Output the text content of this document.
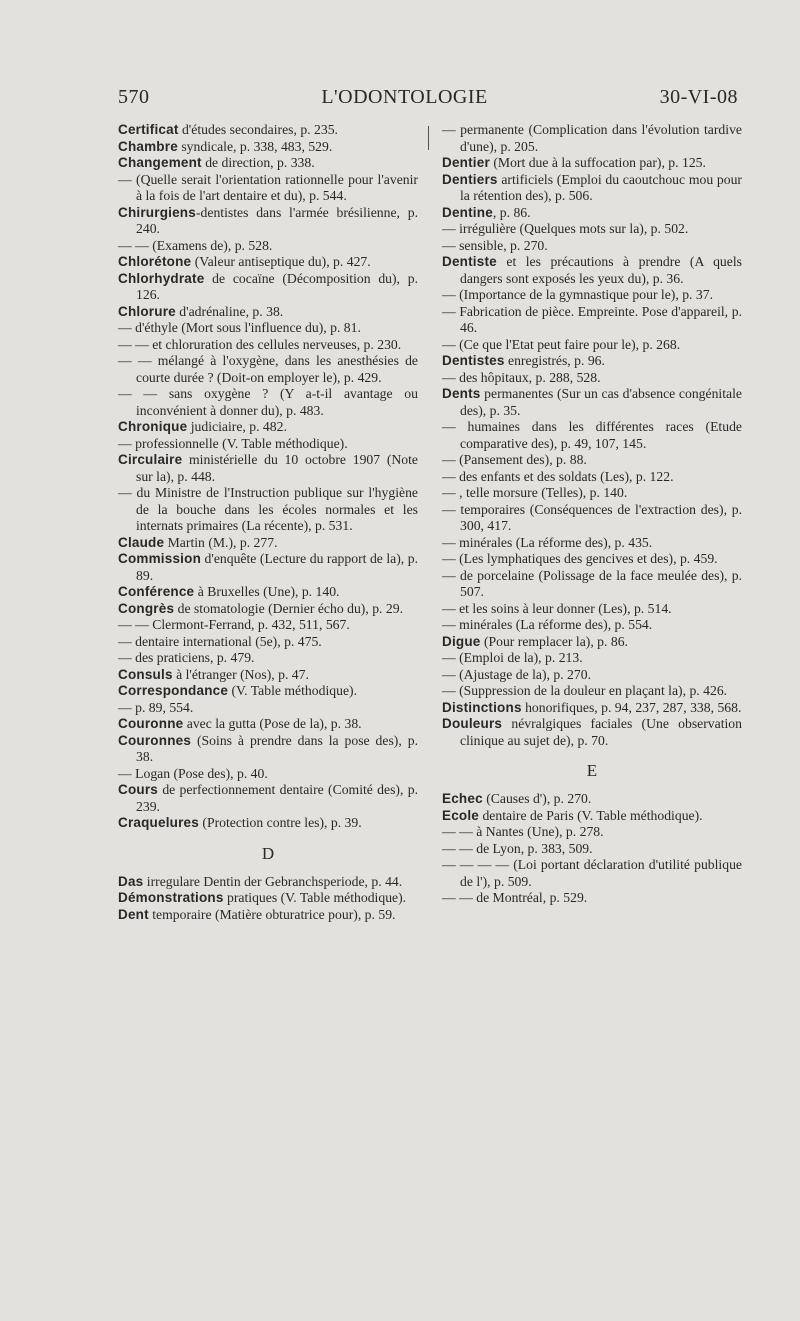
570	L'ODONTOLOGIE	30-VI-08

Certificat d'études secondaires, p. 235.

Chambre syndicale, p. 338, 483, 529.

Changement de direction, p. 338.

— (Quelle serait l'orientation rationnelle pour l'avenir à la fois de l'art dentaire et du), p. 544.

Chirurgiens-dentistes dans l'armée brésilienne, p. 240.

— — (Examens de), p. 528.

Chlorétone (Valeur antiseptique du), p. 427.

Chlorhydrate de cocaïne (Décomposition du), p. 126.

Chlorure d'adrénaline, p. 38.

— d'éthyle (Mort sous l'influence du), p. 81.

— — et chloruration des cellules nerveuses, p. 230.

— — mélangé à l'oxygène, dans les anesthésies de courte durée ? (Doit-on employer le), p. 429.

— — sans oxygène ? (Y a-t-il avantage ou inconvénient à donner du), p. 483.

Chronique judiciaire, p. 482.

— professionnelle (V. Table méthodique).

Circulaire ministérielle du 10 octobre 1907 (Note sur la), p. 448.

— du Ministre de l'Instruction publique sur l'hygiène de la bouche dans les écoles normales et les internats primaires (La récente), p. 531.

Claude Martin (M.), p. 277.

Commission d'enquête (Lecture du rapport de la), p. 89.

Conférence à Bruxelles (Une), p. 140.

Congrès de stomatologie (Dernier écho du), p. 29.

— — Clermont-Ferrand, p. 432, 511, 567.

— dentaire international (5e), p. 475.

— des praticiens, p. 479.

Consuls à l'étranger (Nos), p. 47.

Correspondance (V. Table méthodique).

— p. 89, 554.

Couronne avec la gutta (Pose de la), p. 38.

Couronnes (Soins à prendre dans la pose des), p. 38.

— Logan (Pose des), p. 40.

Cours de perfectionnement dentaire (Comité des), p. 239.

Craquelures (Protection contre les), p. 39.

D

Das irregulare Dentin der Gebranchsperiode, p. 44.

Démonstrations pratiques (V. Table méthodique).

Dent temporaire (Matière obturatrice pour), p. 59.

— permanente (Complication dans l'évolution tardive d'une), p. 205.

Dentier (Mort due à la suffocation par), p. 125.

Dentiers artificiels (Emploi du caoutchouc mou pour la rétention des), p. 506.

Dentine, p. 86.

— irrégulière (Quelques mots sur la), p. 502.

— sensible, p. 270.

Dentiste et les précautions à prendre (A quels dangers sont exposés les yeux du), p. 36.

— (Importance de la gymnastique pour le), p. 37.

— Fabrication de pièce. Empreinte. Pose d'appareil, p. 46.

— (Ce que l'Etat peut faire pour le), p. 268.

Dentistes enregistrés, p. 96.

— des hôpitaux, p. 288, 528.

Dents permanentes (Sur un cas d'absence congénitale des), p. 35.

— humaines dans les différentes races (Etude comparative des), p. 49, 107, 145.

— (Pansement des), p. 88.

— des enfants et des soldats (Les), p. 122.

— , telle morsure (Telles), p. 140.

— temporaires (Conséquences de l'extraction des), p. 300, 417.

— minérales (La réforme des), p. 435.

— (Les lymphatiques des gencives et des), p. 459.

— de porcelaine (Polissage de la face meulée des), p. 507.

— et les soins à leur donner (Les), p. 514.

— minérales (La réforme des), p. 554.

Digue (Pour remplacer la), p. 86.

— (Emploi de la), p. 213.

— (Ajustage de la), p. 270.

— (Suppression de la douleur en plaçant la), p. 426.

Distinctions honorifiques, p. 94, 237, 287, 338, 568.

Douleurs névralgiques faciales (Une observation clinique au sujet de), p. 70.

E

Echec (Causes d'), p. 270.

Ecole dentaire de Paris (V. Table méthodique).

— — à Nantes (Une), p. 278.

— — de Lyon, p. 383, 509.

— — — — (Loi portant déclaration d'utilité publique de l'), p. 509.

— — de Montréal, p. 529.
